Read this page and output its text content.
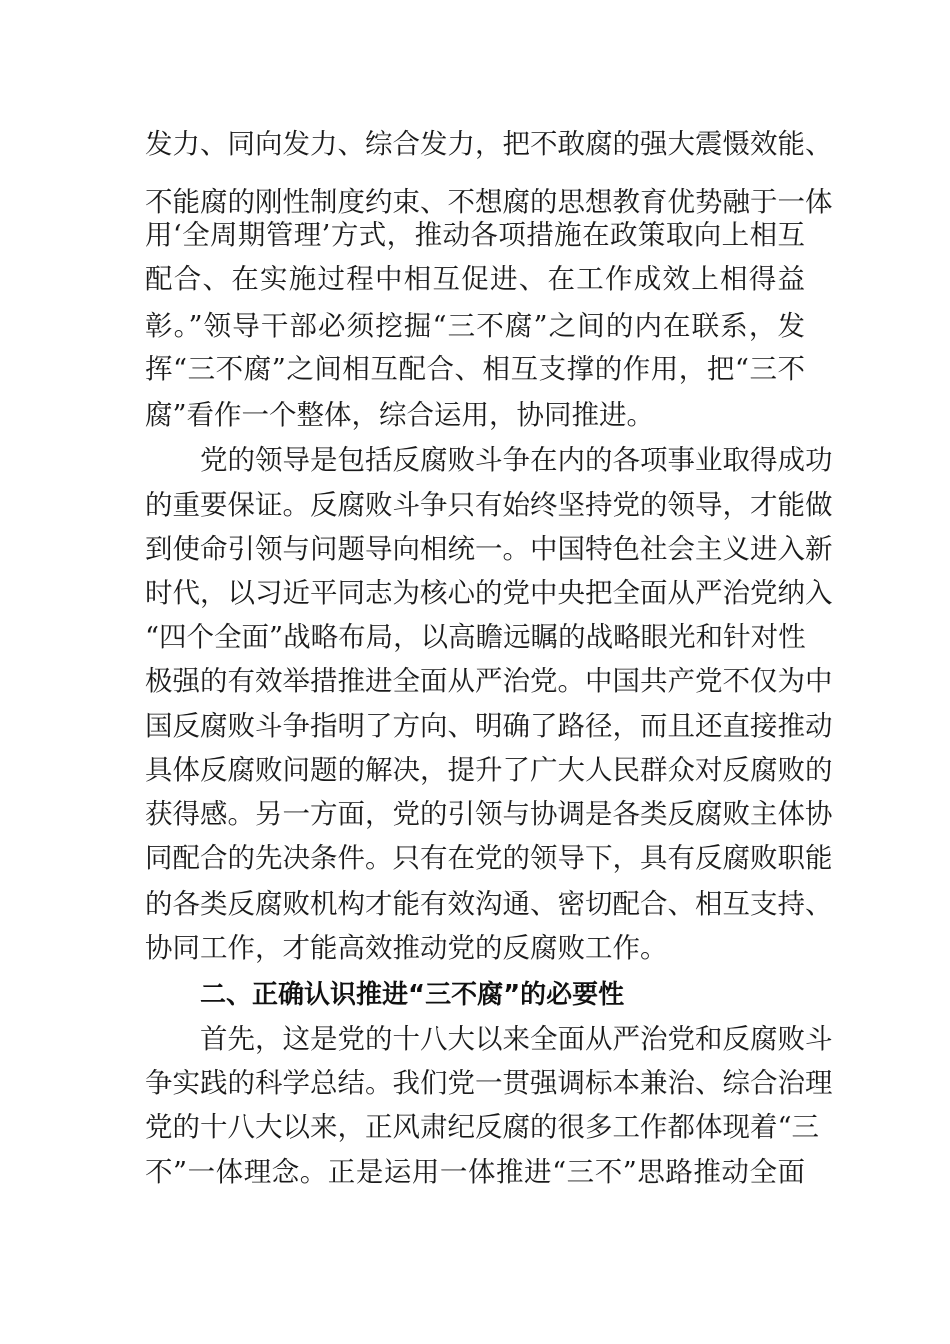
发力、同向发力、综合发力，把不敢腐的强大震慑效能、
不能腐的刚性制度约束、不想腐的思想教育优势融于一体
用‘全周期管理’方式，推动各项措施在政策取向上相互
配合、在实施过程中相互促进、在工作成效上相得益
彰。”领导干部必须挖掘“三不腐”之间的内在联系，发
挥“三不腐”之间相互配合、相互支撑的作用，把“三不
腐”看作一个整体，综合运用，协同推进。
党的领导是包括反腐败斗争在内的各项事业取得成功
的重要保证。反腐败斗争只有始终坚持党的领导，才能做
到使命引领与问题导向相统一。中国特色社会主义进入新
时代，以习近平同志为核心的党中央把全面从严治党纳入
“四个全面”战略布局，以高瞻远瞩的战略眼光和针对性
极强的有效举措推进全面从严治党。中国共产党不仅为中
国反腐败斗争指明了方向、明确了路径，而且还直接推动
具体反腐败问题的解决，提升了广大人民群众对反腐败的
获得感。另一方面，党的引领与协调是各类反腐败主体协
同配合的先决条件。只有在党的领导下，具有反腐败职能
的各类反腐败机构才能有效沟通、密切配合、相互支持、
协同工作，才能高效推动党的反腐败工作。
二、正确认识推进“三不腐”的必要性
首先，这是党的十八大以来全面从严治党和反腐败斗
争实践的科学总结。我们党一贯强调标本兼治、综合治理
党的十八大以来，正风肃纪反腐的很多工作都体现着“三
不”一体理念。正是运用一体推进“三不”思路推动全面
